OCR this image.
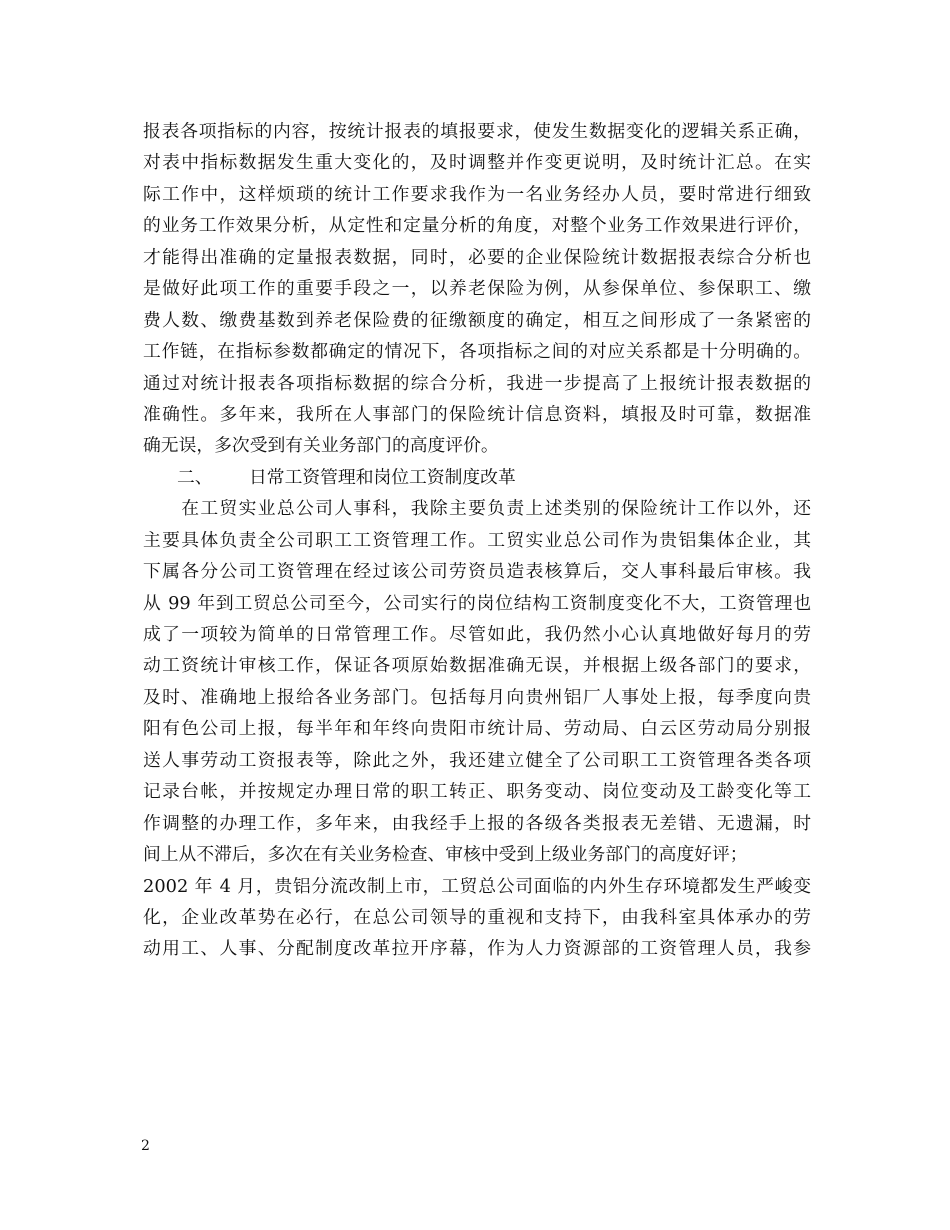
报表各项指标的内容，按统计报表的填报要求，使发生数据变化的逻辑关系正确，
对表中指标数据发生重大变化的，及时调整并作变更说明，及时统计汇总。在实
际工作中，这样烦琐的统计工作要求我作为一名业务经办人员，要时常进行细致
的业务工作效果分析，从定性和定量分析的角度，对整个业务工作效果进行评价，
才能得出准确的定量报表数据，同时，必要的企业保险统计数据报表综合分析也
是做好此项工作的重要手段之一，以养老保险为例，从参保单位、参保职工、缴
费人数、缴费基数到养老保险费的征缴额度的确定，相互之间形成了一条紧密的
工作链，在指标参数都确定的情况下，各项指标之间的对应关系都是十分明确的。
通过对统计报表各项指标数据的综合分析，我进一步提高了上报统计报表数据的
准确性。多年来，我所在人事部门的保险统计信息资料，填报及时可靠，数据准
确无误，多次受到有关业务部门的高度评价。
二、 日常工资管理和岗位工资制度改革
　　在工贸实业总公司人事科，我除主要负责上述类别的保险统计工作以外，还
主要具体负责全公司职工工资管理工作。工贸实业总公司作为贵铝集体企业，其
下属各分公司工资管理在经过该公司劳资员造表核算后，交人事科最后审核。我
从 99 年到工贸总公司至今，公司实行的岗位结构工资制度变化不大，工资管理也
成了一项较为简单的日常管理工作。尽管如此，我仍然小心认真地做好每月的劳
动工资统计审核工作，保证各项原始数据准确无误，并根据上级各部门的要求，
及时、准确地上报给各业务部门。包括每月向贵州铝厂人事处上报，每季度向贵
阳有色公司上报，每半年和年终向贵阳市统计局、劳动局、白云区劳动局分别报
送人事劳动工资报表等，除此之外，我还建立健全了公司职工工资管理各类各项
记录台帐，并按规定办理日常的职工转正、职务变动、岗位变动及工龄变化等工
作调整的办理工作，多年来，由我经手上报的各级各类报表无差错、无遗漏，时
间上从不滞后，多次在有关业务检查、审核中受到上级业务部门的高度好评；
2002 年 4 月，贵铝分流改制上市，工贸总公司面临的内外生存环境都发生严峻变
化，企业改革势在必行，在总公司领导的重视和支持下，由我科室具体承办的劳
动用工、人事、分配制度改革拉开序幕，作为人力资源部的工资管理人员，我参
2
